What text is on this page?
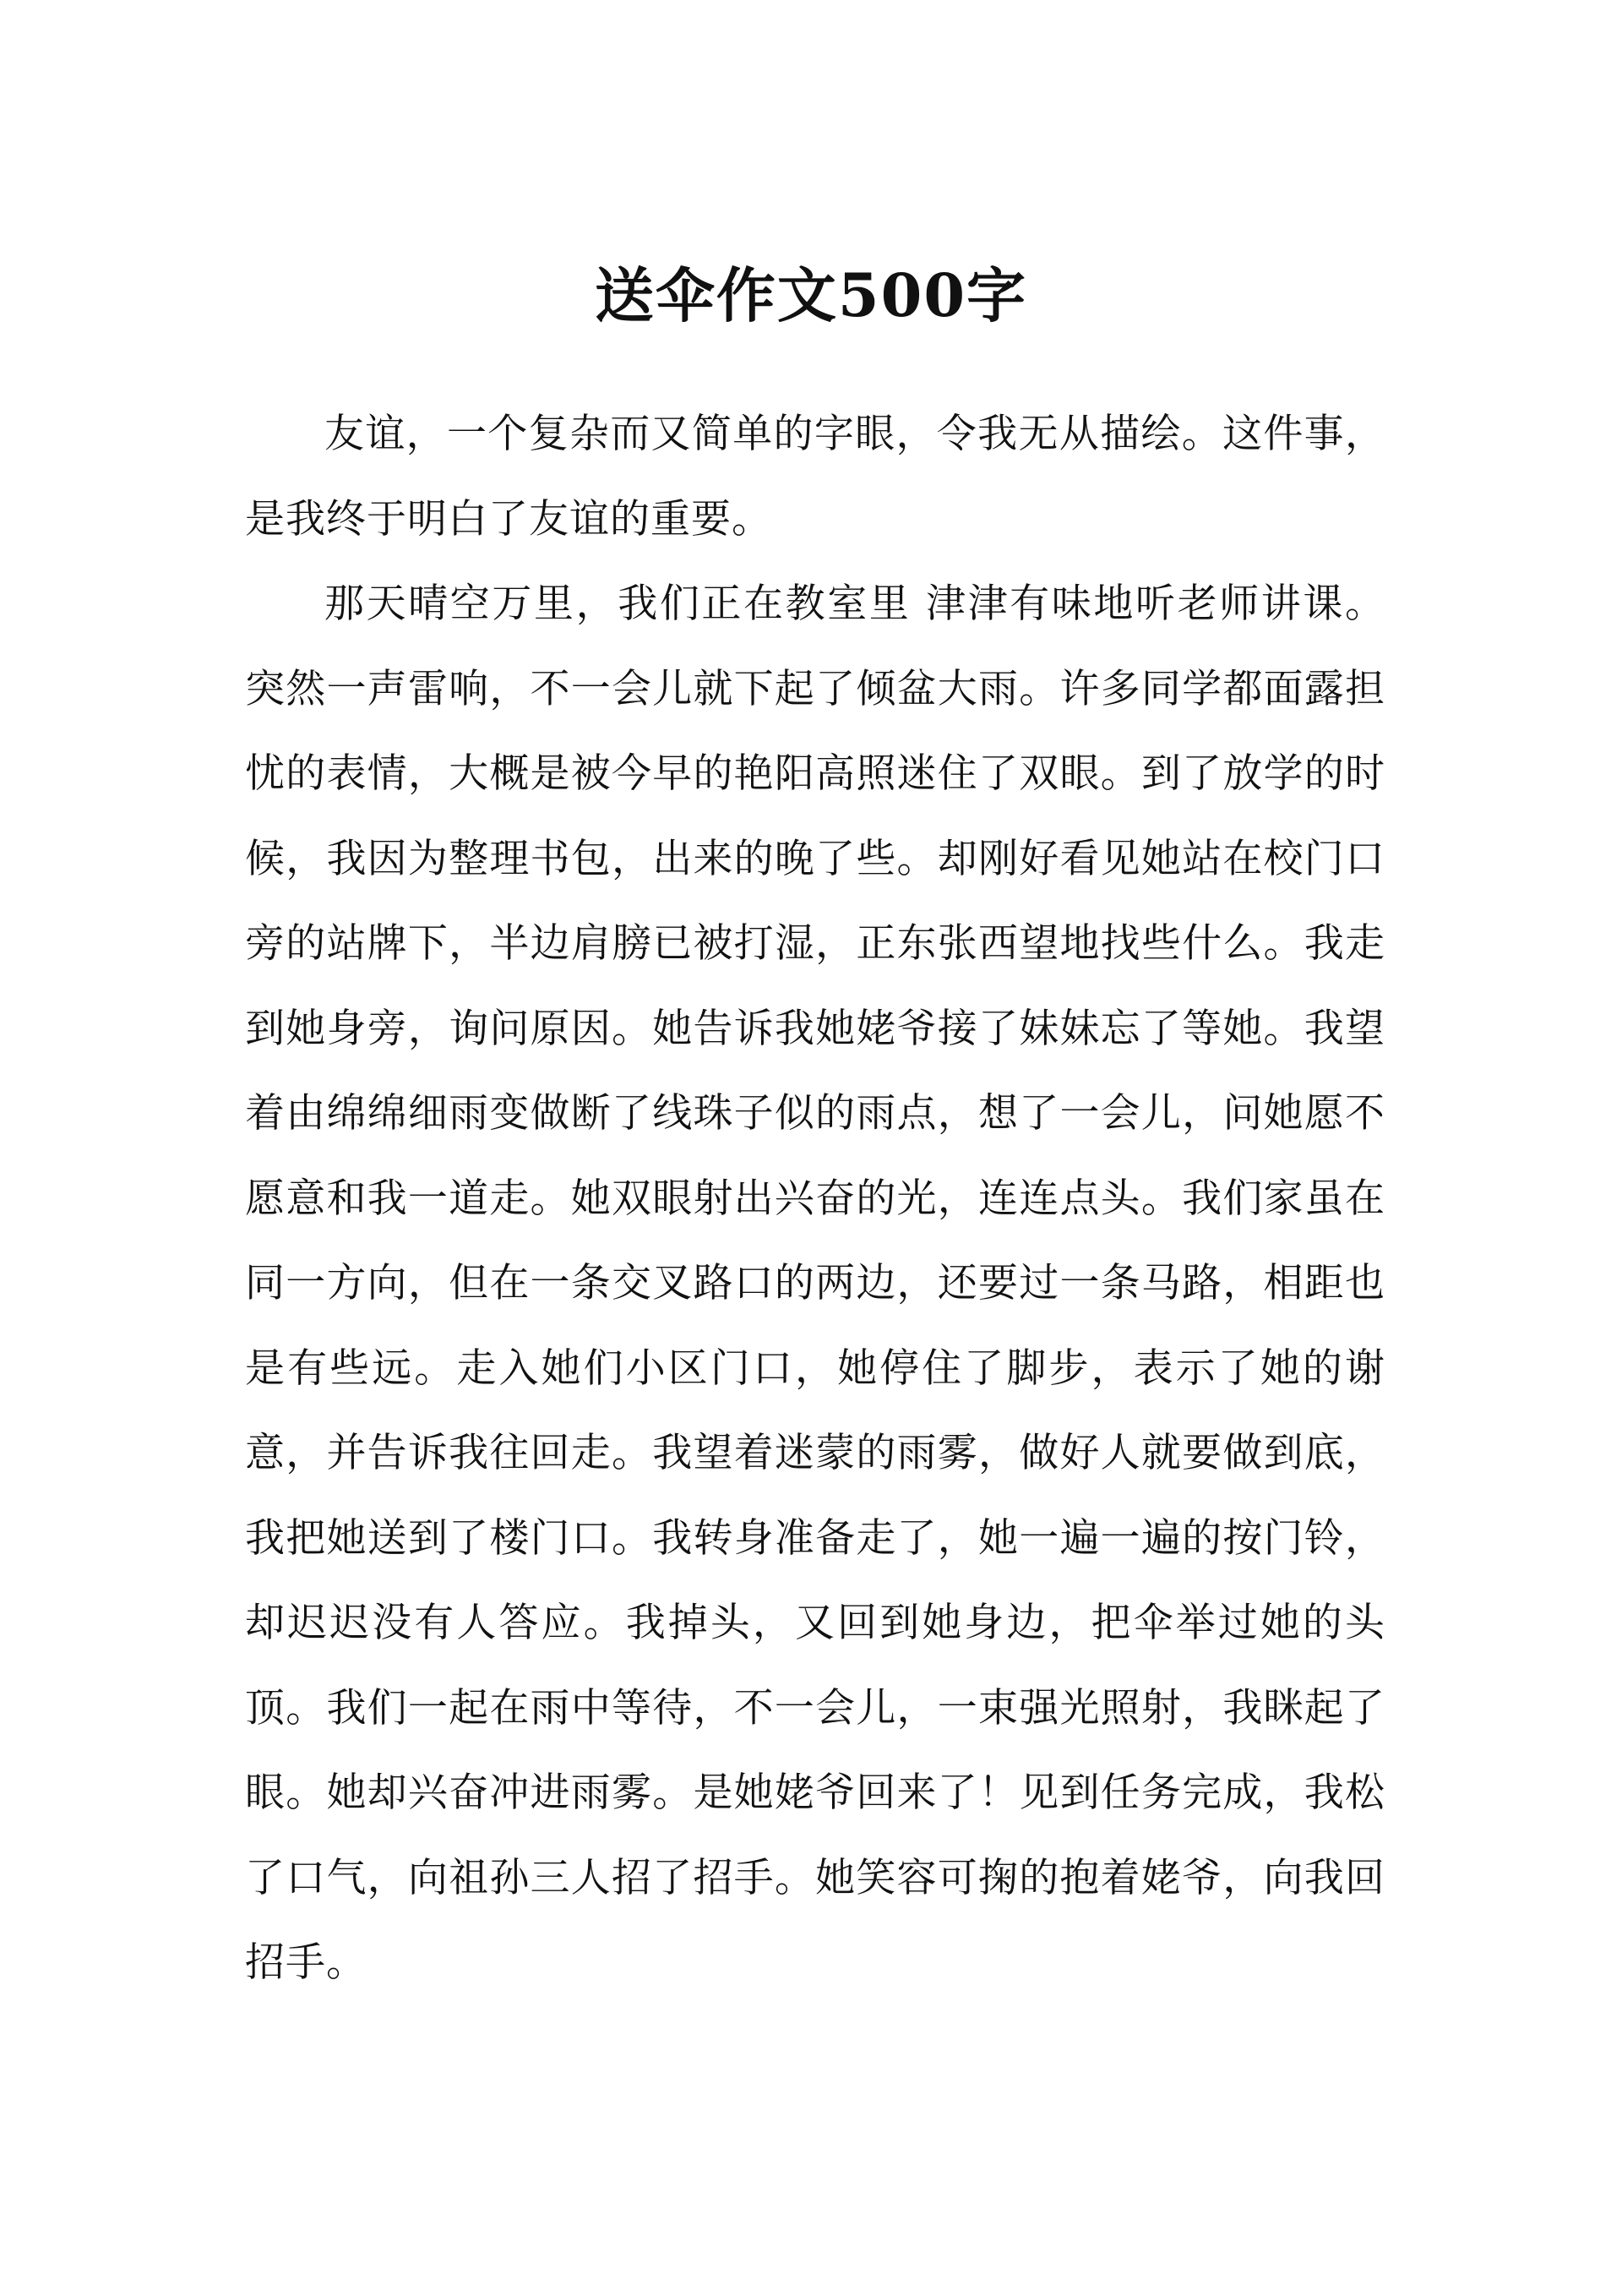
送伞作文500字

友谊，一个复杂而又简单的字眼，令我无从描绘。这件事，是我终于明白了友谊的重要。

那天晴空万里，我们正在教室里 津津有味地听老师讲课。突然一声雷响，不一会儿就下起了倾盆大雨。许多同学都面露担忧的表情，大概是被今早的艳阳高照迷住了双眼。到了放学的时候，我因为整理书包，出来的晚了些。却刚好看见她站在校门口旁的站牌下，半边肩膀已被打湿，正东张西望地找些什么。我走到她身旁，询问原因。她告诉我她姥爷接了妹妹忘了等她。我望着由绵绵细雨变做断了线珠子似的雨点，想了一会儿，问她愿不愿意和我一道走。她双眼射出兴奋的光，连连点头。我们家虽在同一方向，但在一条交叉路口的两边，还要过一条马路，相距也是有些远。走入她们小区门口，她停住了脚步，表示了她的谢意，并告诉我往回走。我望着迷蒙的雨雾，做好人就要做到底，我把她送到了楼门口。我转身准备走了，她一遍一遍的按门铃，却迟迟没有人答应。我掉头，又回到她身边，把伞举过她的头顶。我们一起在雨中等待，不一会儿，一束强光照射，我眯起了眼。她却兴奋冲进雨雾。是她姥爷回来了！见到任务完成，我松了口气，向祖孙三人招了招手。她笑容可掬的抱着姥爷，向我回招手。
